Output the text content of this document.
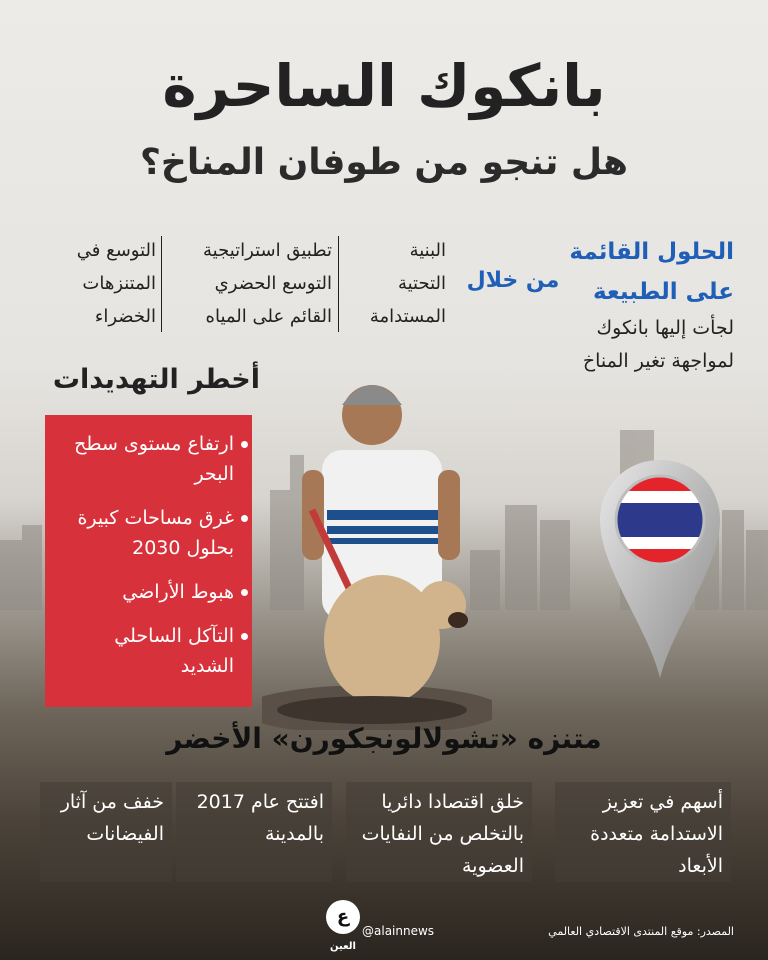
بانكوك الساحرة
هل تنجو من طوفان المناخ؟
الحلول القائمة
على الطبيعة
لجأت إليها بانكوك لمواجهة تغير المناخ
من خلال
البنية
التحتية
المستدامة
تطبيق استراتيجية
التوسع الحضري
القائم على المياه
التوسع في
المتنزهات
الخضراء
أخطر التهديدات
ارتفاع مستوى سطح البحر
غرق مساحات كبيرة بحلول 2030
هبوط الأراضي
التآكل الساحلي الشديد
متنزه «تشولالونجكورن» الأخضر
أسهم في تعزيز الاستدامة متعددة الأبعاد
خلق اقتصادا دائريا بالتخلص من النفايات العضوية
افتتح عام 2017 بالمدينة
خفف من آثار الفيضانات
ع
العين
@alainnews	المصدر: موقع المنتدى الاقتصادي العالمي
